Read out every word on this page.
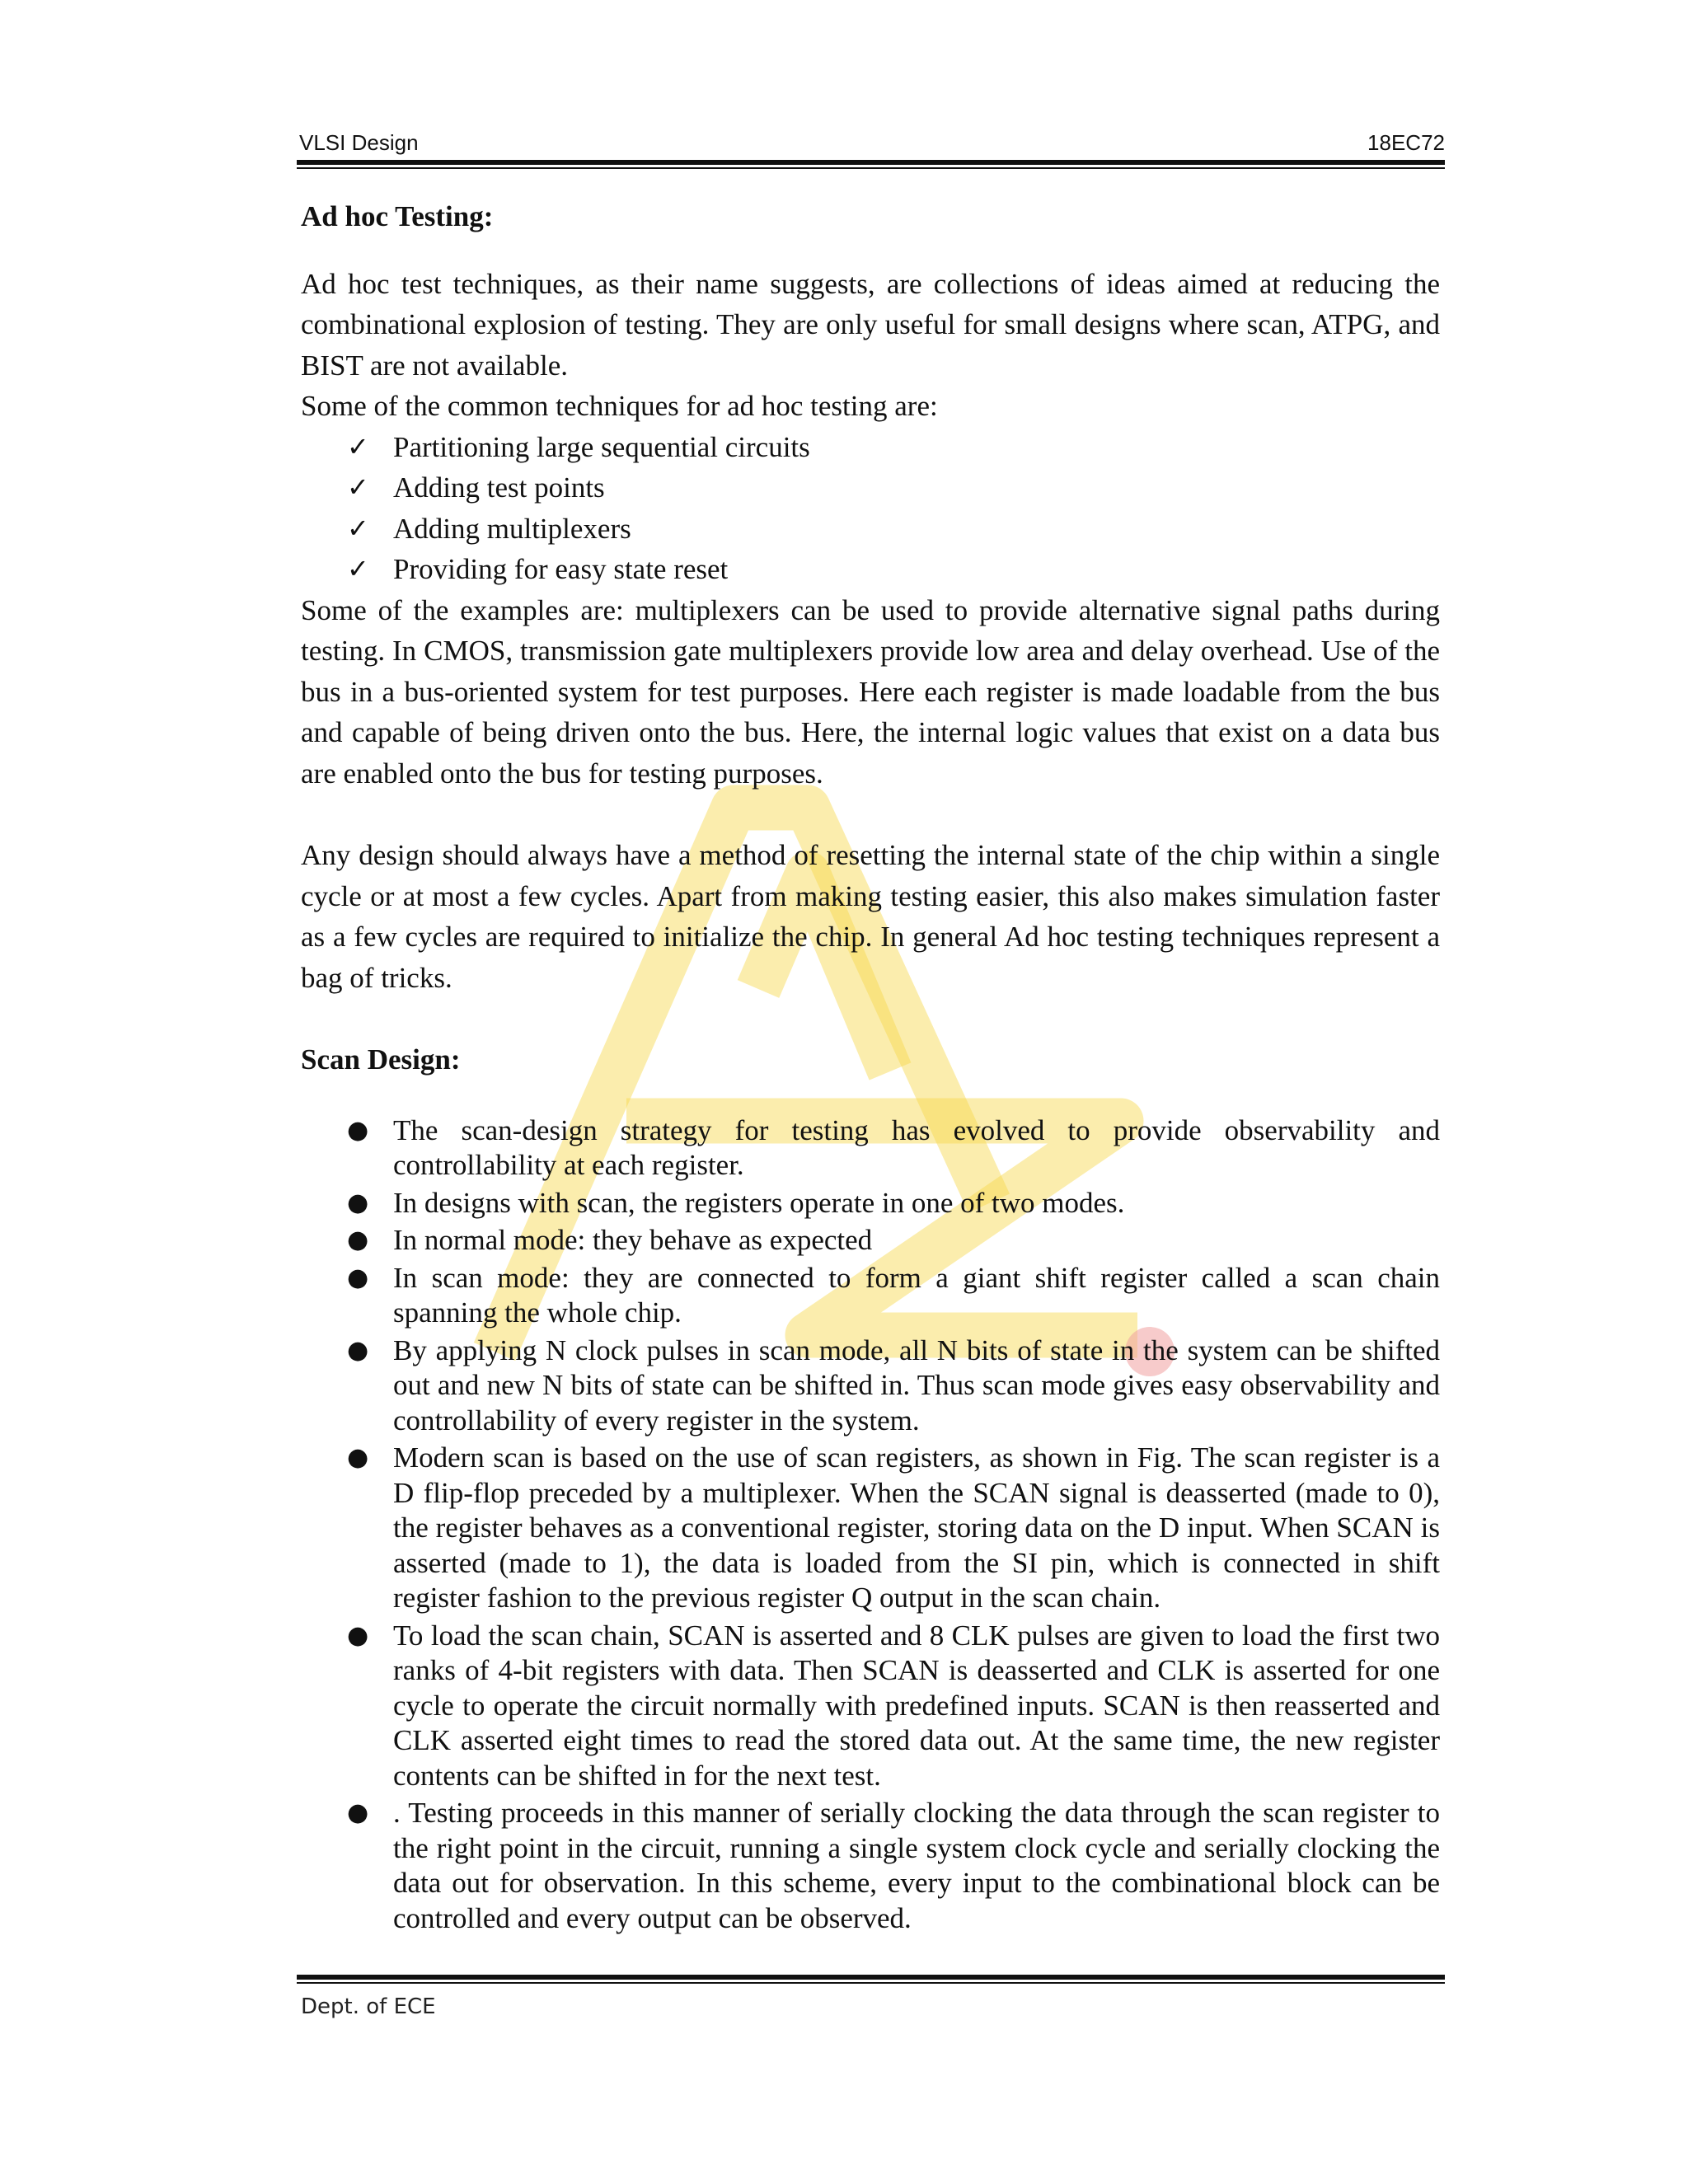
VLSI Design	18EC72

Ad hoc Testing:

Ad hoc test techniques, as their name suggests, are collections of ideas aimed at reducing the combinational explosion of testing. They are only useful for small designs where scan, ATPG, and BIST are not available.

Some of the common techniques for ad hoc testing are:

✓ Partitioning large sequential circuits
✓ Adding test points
✓ Adding multiplexers
✓ Providing for easy state reset

Some of the examples are: multiplexers can be used to provide alternative signal paths during testing. In CMOS, transmission gate multiplexers provide low area and delay overhead. Use of the bus in a bus-oriented system for test purposes. Here each register is made loadable from the bus and capable of being driven onto the bus. Here, the internal logic values that exist on a data bus are enabled onto the bus for testing purposes.

Any design should always have a method of resetting the internal state of the chip within a single cycle or at most a few cycles. Apart from making testing easier, this also makes simulation faster as a few cycles are required to initialize the chip. In general Ad hoc testing techniques represent a bag of tricks.

Scan Design:

● The scan-design strategy for testing has evolved to provide observability and controllability at each register.
● In designs with scan, the registers operate in one of two modes.
● In normal mode: they behave as expected
● In scan mode: they are connected to form a giant shift register called a scan chain spanning the whole chip.
● By applying N clock pulses in scan mode, all N bits of state in the system can be shifted out and new N bits of state can be shifted in. Thus scan mode gives easy observability and controllability of every register in the system.
● Modern scan is based on the use of scan registers, as shown in Fig. The scan register is a D flip-flop preceded by a multiplexer. When the SCAN signal is deasserted (made to 0), the register behaves as a conventional register, storing data on the D input. When SCAN is asserted (made to 1), the data is loaded from the SI pin, which is connected in shift register fashion to the previous register Q output in the scan chain.
● To load the scan chain, SCAN is asserted and 8 CLK pulses are given to load the first two ranks of 4-bit registers with data. Then SCAN is deasserted and CLK is asserted for one cycle to operate the circuit normally with predefined inputs. SCAN is then reasserted and CLK asserted eight times to read the stored data out. At the same time, the new register contents can be shifted in for the next test.
● . Testing proceeds in this manner of serially clocking the data through the scan register to the right point in the circuit, running a single system clock cycle and serially clocking the data out for observation. In this scheme, every input to the combinational block can be controlled and every output can be observed.
Dept. of ECE
